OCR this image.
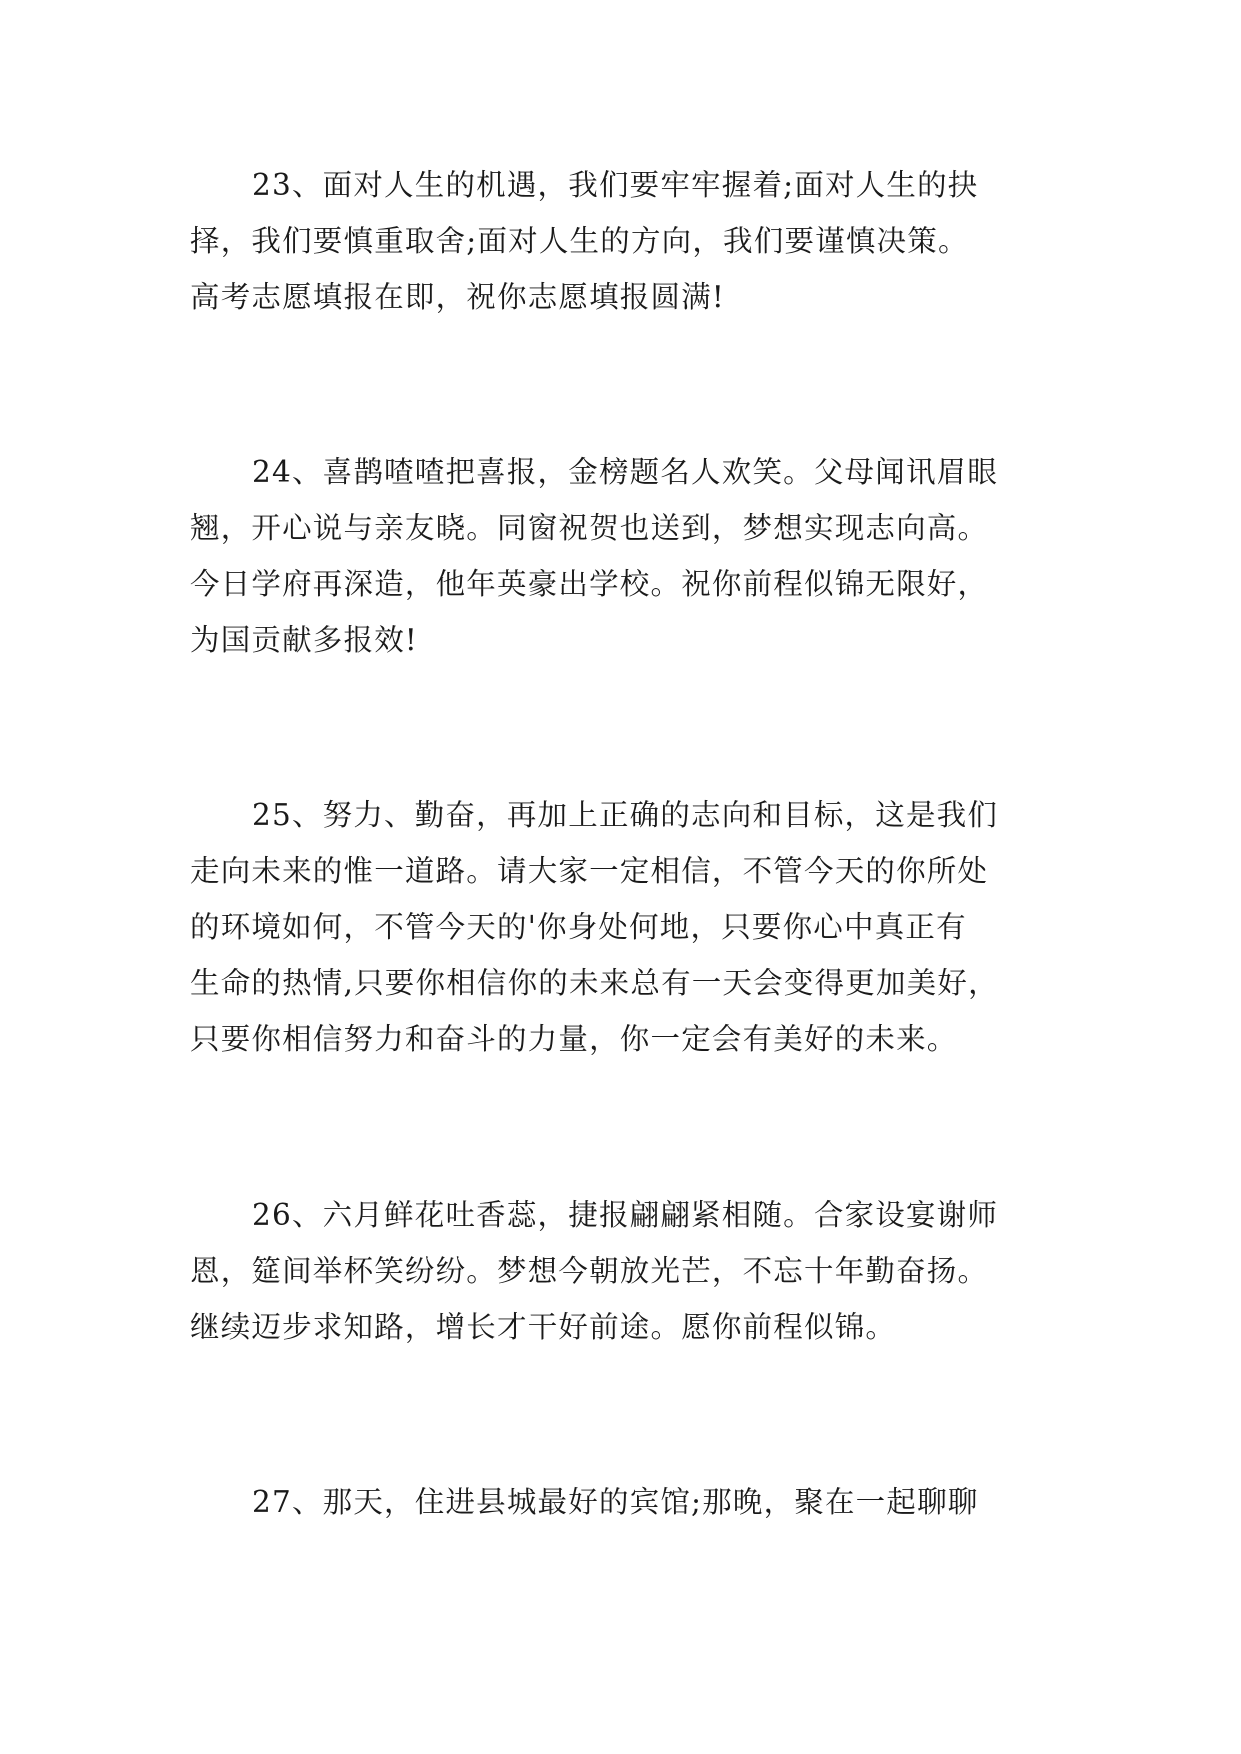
23、面对人生的机遇，我们要牢牢握着;面对人生的抉

择，我们要慎重取舍;面对人生的方向，我们要谨慎决策。

高考志愿填报在即，祝你志愿填报圆满!

24、喜鹊喳喳把喜报，金榜题名人欢笑。父母闻讯眉眼

翘，开心说与亲友晓。同窗祝贺也送到，梦想实现志向高。

今日学府再深造，他年英豪出学校。祝你前程似锦无限好，

为国贡献多报效!

25、努力、勤奋，再加上正确的志向和目标，这是我们

走向未来的惟一道路。请大家一定相信，不管今天的你所处

的环境如何，不管今天的'你身处何地，只要你心中真正有

生命的热情,只要你相信你的未来总有一天会变得更加美好，

只要你相信努力和奋斗的力量，你一定会有美好的未来。

26、六月鲜花吐香蕊，捷报翩翩紧相随。合家设宴谢师

恩，筵间举杯笑纷纷。梦想今朝放光芒，不忘十年勤奋扬。

继续迈步求知路，增长才干好前途。愿你前程似锦。

27、那天，住进县城最好的宾馆;那晚，聚在一起聊聊
